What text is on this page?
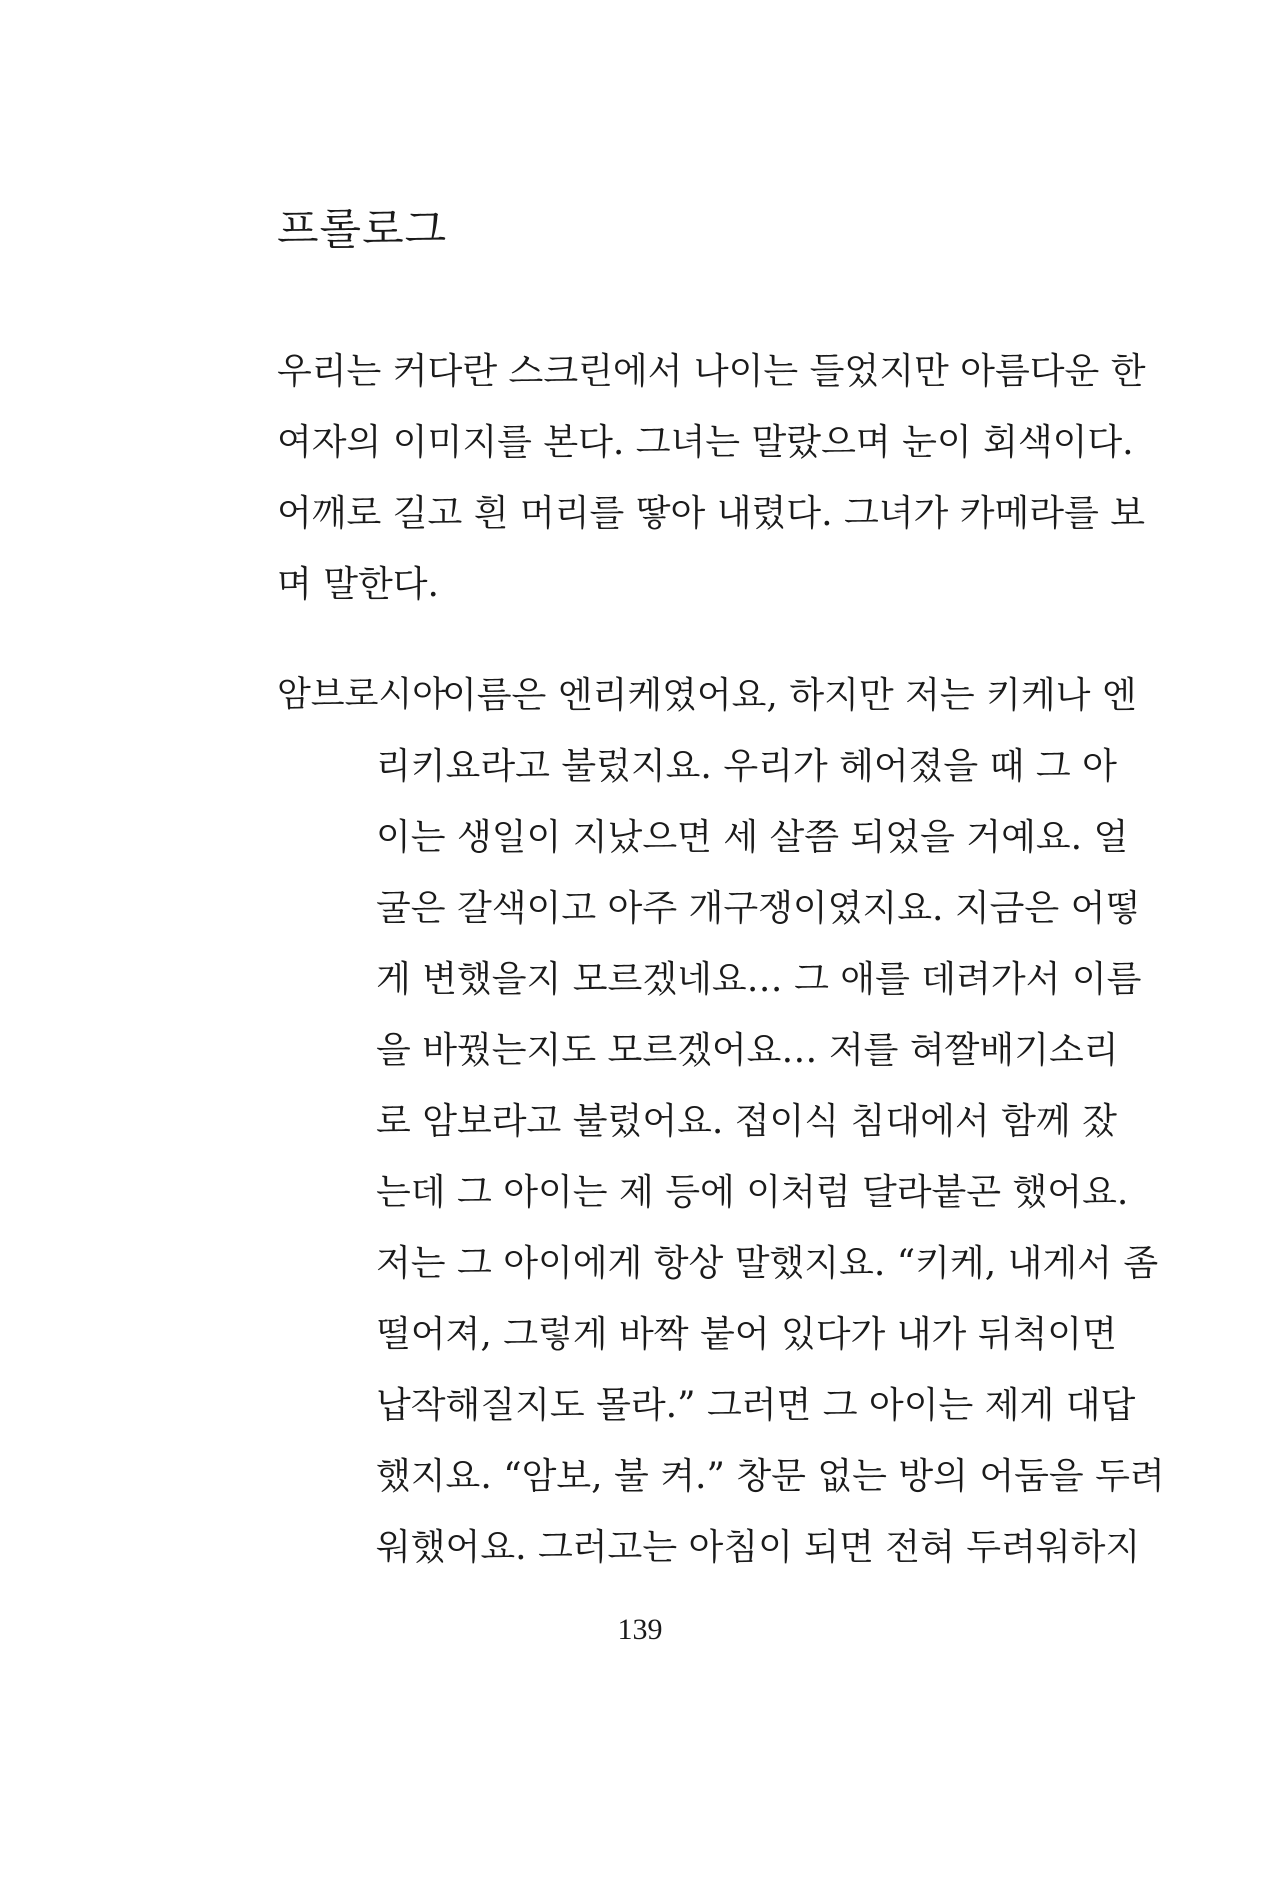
프롤로그
우리는 커다란 스크린에서 나이는 들었지만 아름다운 한
여자의 이미지를 본다. 그녀는 말랐으며 눈이 회색이다.
어깨로 길고 흰 머리를 땋아 내렸다. 그녀가 카메라를 보
며 말한다.
암브로시아
이름은 엔리케였어요, 하지만 저는 키케나 엔
리키요라고 불렀지요. 우리가 헤어졌을 때 그 아
이는 생일이 지났으면 세 살쯤 되었을 거예요. 얼
굴은 갈색이고 아주 개구쟁이였지요. 지금은 어떻
게 변했을지 모르겠네요… 그 애를 데려가서 이름
을 바꿨는지도 모르겠어요… 저를 혀짤배기소리
로 암보라고 불렀어요. 접이식 침대에서 함께 잤
는데 그 아이는 제 등에 이처럼 달라붙곤 했어요.
저는 그 아이에게 항상 말했지요. “키케, 내게서 좀
떨어져, 그렇게 바짝 붙어 있다가 내가 뒤척이면
납작해질지도 몰라.” 그러면 그 아이는 제게 대답
했지요. “암보, 불 켜.” 창문 없는 방의 어둠을 두려
워했어요. 그러고는 아침이 되면 전혀 두려워하지
139
